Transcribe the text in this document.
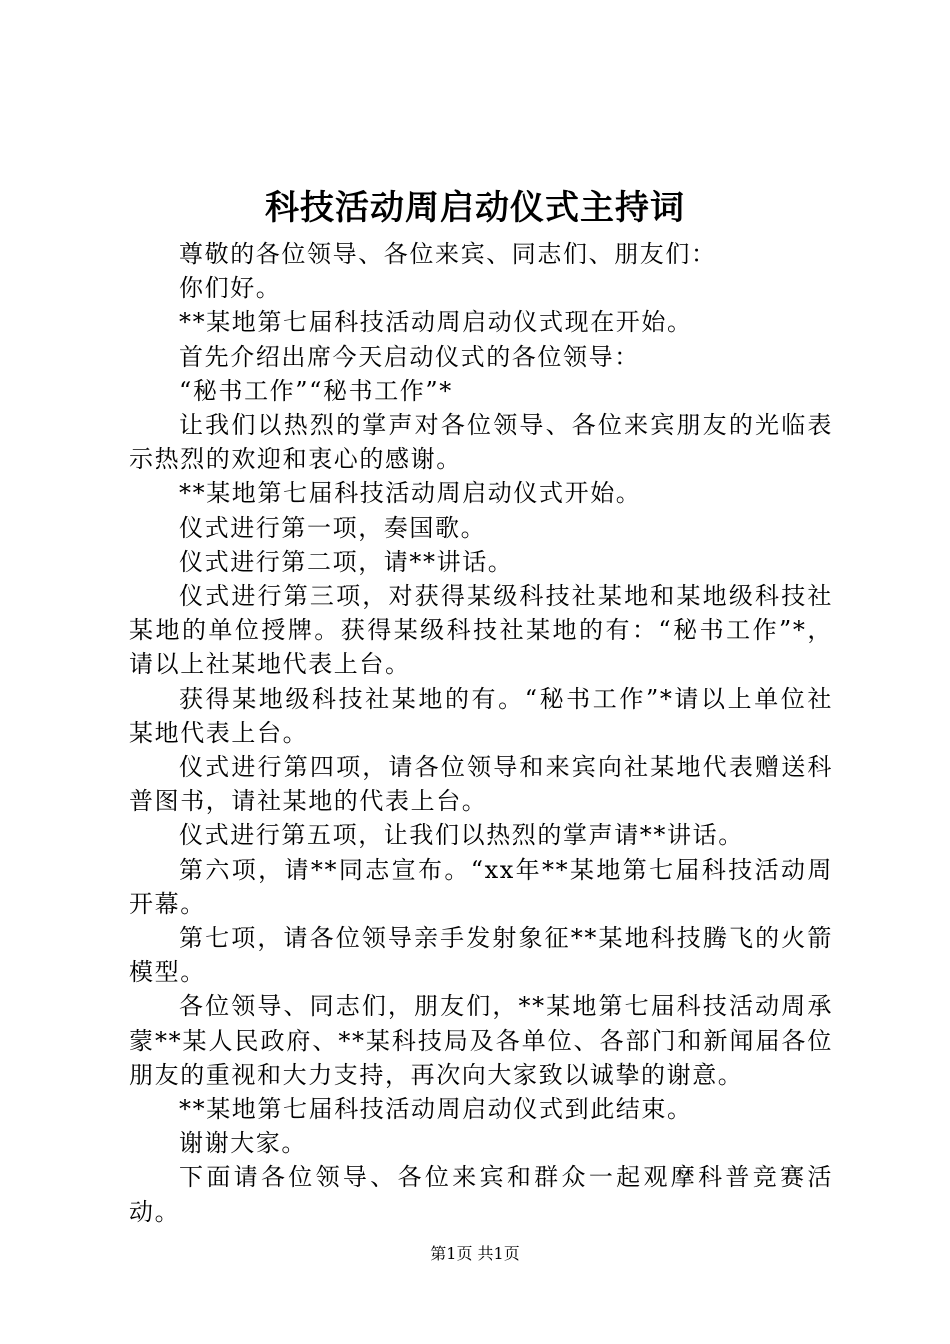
科技活动周启动仪式主持词

尊敬的各位领导、各位来宾、同志们、朋友们：

你们好。

**某地第七届科技活动周启动仪式现在开始。

首先介绍出席今天启动仪式的各位领导：

“秘书工作”“秘书工作”*

让我们以热烈的掌声对各位领导、各位来宾朋友的光临表示热烈的欢迎和衷心的感谢。

**某地第七届科技活动周启动仪式开始。

仪式进行第一项，奏国歌。

仪式进行第二项，请**讲话。

仪式进行第三项，对获得某级科技社某地和某地级科技社某地的单位授牌。获得某级科技社某地的有：“秘书工作”*，请以上社某地代表上台。

获得某地级科技社某地的有。“秘书工作”*请以上单位社某地代表上台。

仪式进行第四项，请各位领导和来宾向社某地代表赠送科普图书，请社某地的代表上台。

仪式进行第五项，让我们以热烈的掌声请**讲话。

第六项，请**同志宣布。“xx年**某地第七届科技活动周开幕。

第七项，请各位领导亲手发射象征**某地科技腾飞的火箭模型。

各位领导、同志们，朋友们，**某地第七届科技活动周承蒙**某人民政府、**某科技局及各单位、各部门和新闻届各位朋友的重视和大力支持，再次向大家致以诚挚的谢意。

**某地第七届科技活动周启动仪式到此结束。

谢谢大家。

下面请各位领导、各位来宾和群众一起观摩科普竞赛活动。

第1页 共1页
